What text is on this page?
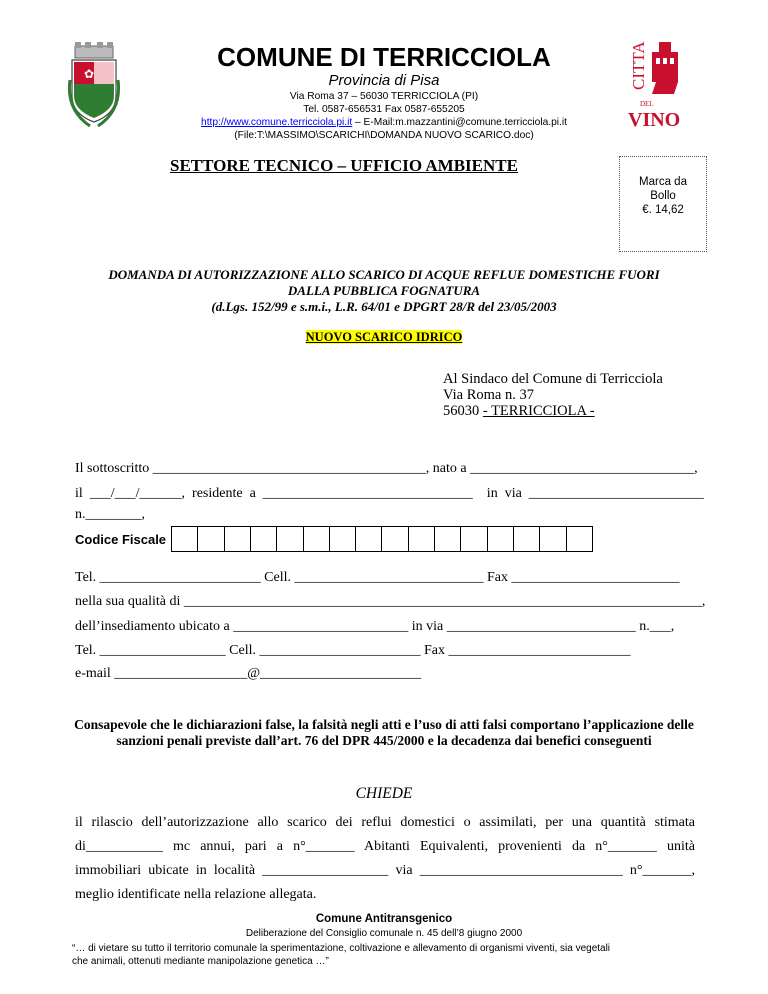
✿	CITTA
DEL
VINO
COMUNE DI TERRICCIOLA
Provincia di Pisa
Via Roma 37 – 56030 TERRICCIOLA (PI)
Tel. 0587-656531 Fax 0587-655205
http://www.comune.terricciola.pi.it – E-Mail:m.mazzantini@comune.terricciola.pi.it
(File:T:\MASSIMO\SCARICHI\DOMANDA NUOVO SCARICO.doc)
SETTORE TECNICO – UFFICIO AMBIENTE
Marca da
Bollo
€. 14,62
DOMANDA DI AUTORIZZAZIONE ALLO SCARICO DI ACQUE REFLUE DOMESTICHE FUORI
DALLA PUBBLICA FOGNATURA
(d.Lgs. 152/99 e s.m.i., L.R. 64/01 e DPGRT 28/R del 23/05/2003
NUOVO SCARICO IDRICO
Al Sindaco del Comune di Terricciola
Via Roma n. 37
56030 - TERRICCIOLA -
Il sottoscritto _______________________________________, nato a ________________________________,
il  ___/___/______,  residente  a  ______________________________    in  via  _________________________
n.________,
Codice Fiscale
Tel. _______________________ Cell. ___________________________ Fax ________________________
nella sua qualità di __________________________________________________________________________,
dell’insediamento ubicato a _________________________ in via ___________________________ n.___,
Tel. __________________ Cell. _______________________ Fax __________________________
e-mail ___________________@_______________________
Consapevole che le dichiarazioni false, la falsità negli atti e l’uso di atti falsi comportano l’applicazione delle sanzioni penali previste dall’art. 76 del DPR 445/2000 e la decadenza dai benefici conseguenti
CHIEDE
il rilascio dell’autorizzazione allo scarico dei reflui domestici o assimilati, per una quantità stimata
di___________ mc annui, pari a n°_______ Abitanti Equivalenti, provenienti da n°_______ unità
immobiliari ubicate in località __________________ via _____________________________ n°_______,
meglio identificate nella relazione allegata.
Comune Antitransgenico
Deliberazione del Consiglio comunale n. 45 dell’8 giugno 2000
“… di vietare su tutto il territorio comunale la sperimentazione, coltivazione e allevamento di organismi viventi, sia vegetali
che animali, ottenuti mediante manipolazione genetica …”
